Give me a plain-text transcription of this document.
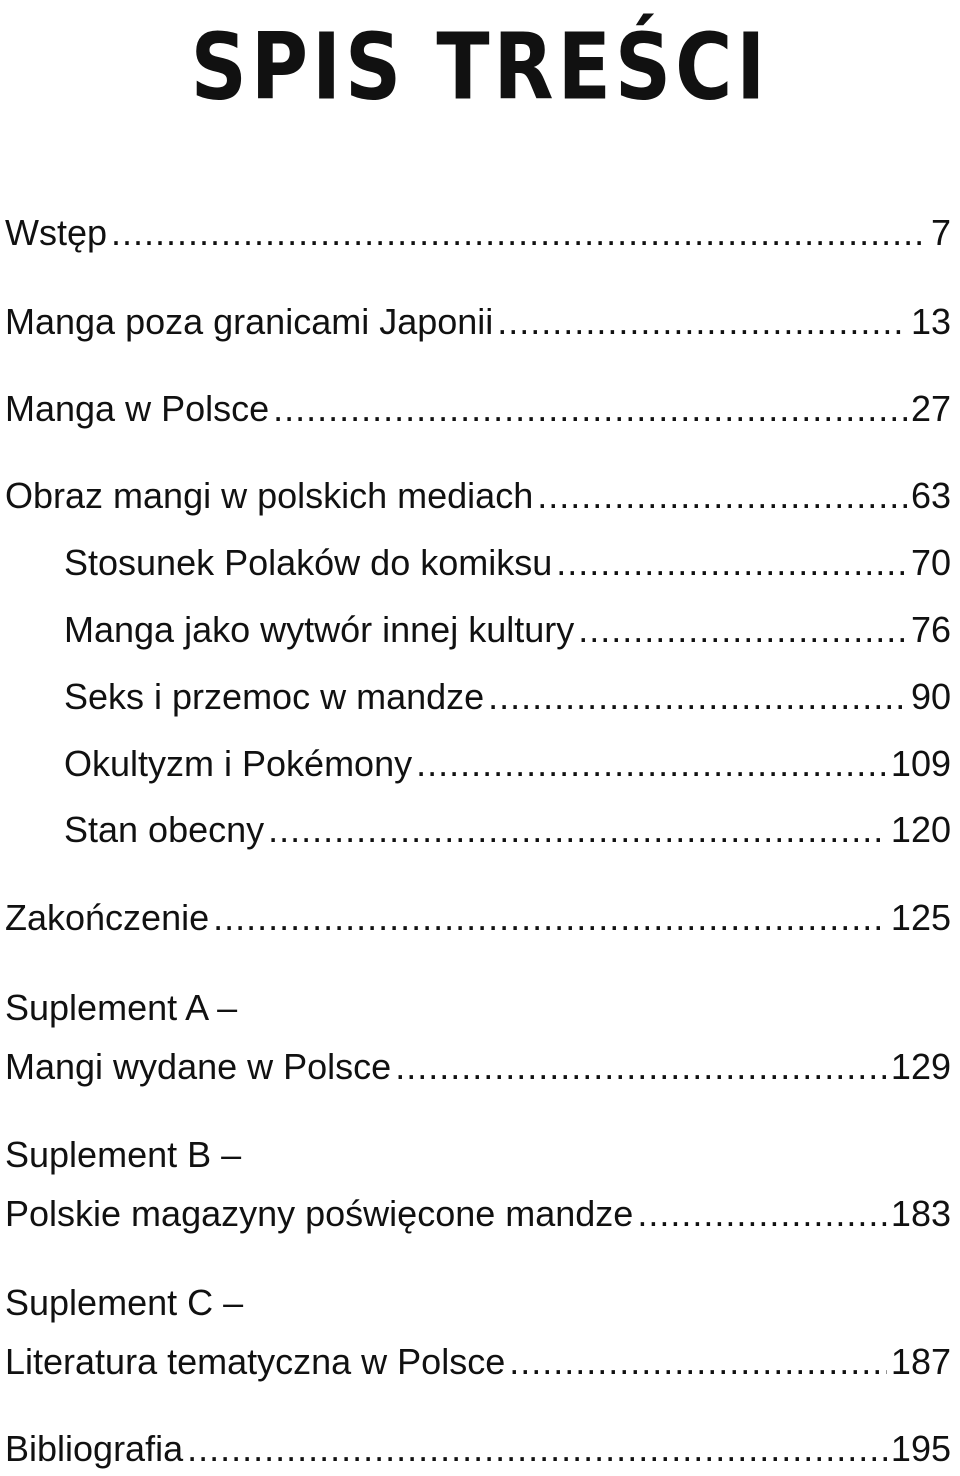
SPIS TREŚCI
Wstęp .....	7
Manga poza granicami Japonii .....	13
Manga w Polsce .....	27
Obraz mangi w polskich mediach .....	63
Stosunek Polaków do komiksu .....	70
Manga jako wytwór innej kultury .....	76
Seks i przemoc w mandze .....	90
Okultyzm i Pokémony .....	109
Stan obecny .....	120
Zakończenie .....	125
Suplement A –
Mangi wydane w Polsce .....	129
Suplement B –
Polskie magazyny poświęcone mandze .....	183
Suplement C –
Literatura tematyczna w Polsce .....	187
Bibliografia .....	195
